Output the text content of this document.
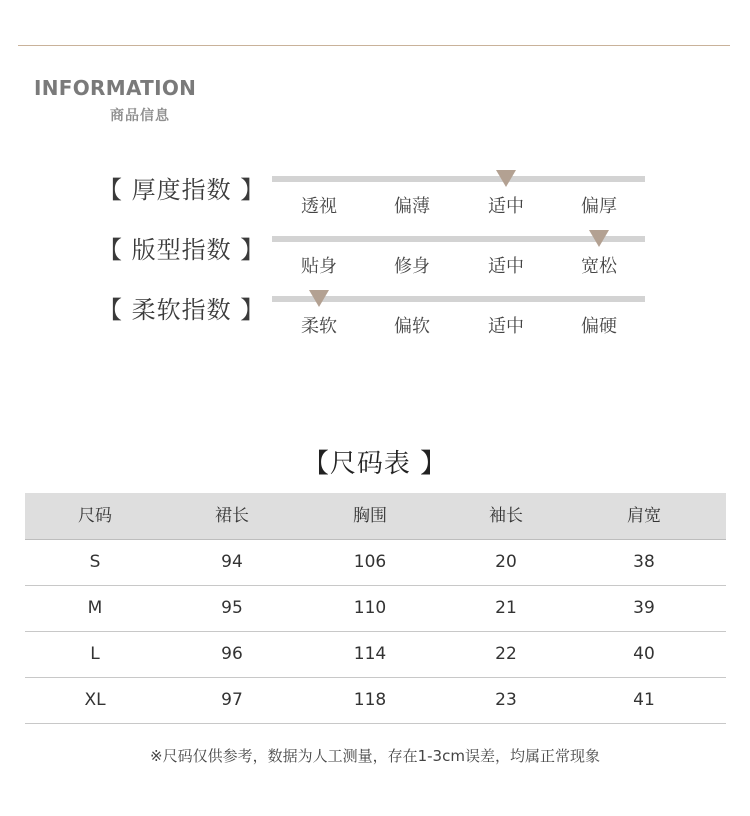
INFORMATION
商品信息
【 厚度指数 】
透视	偏薄	适中	偏厚
【 版型指数 】
贴身	修身	适中	宽松
【 柔软指数 】
柔软	偏软	适中	偏硬
【尺码表 】
尺码	裙长	胸围	袖长	肩宽
S	94	106	20	38
M	95	110	21	39
L	96	114	22	40
XL	97	118	23	41
※尺码仅供参考，数据为人工测量，存在1-3cm误差，均属正常现象
